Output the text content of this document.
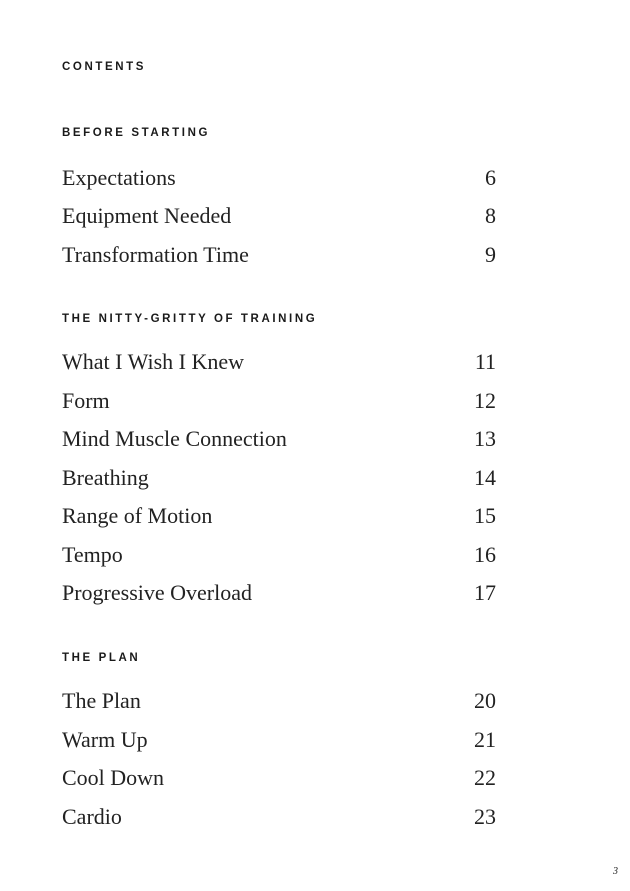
CONTENTS
BEFORE STARTING
Expectations	6
Equipment Needed	8
Transformation Time	9
THE NITTY-GRITTY OF TRAINING
What I Wish I Knew	11
Form	12
Mind Muscle Connection	13
Breathing	14
Range of Motion	15
Tempo	16
Progressive Overload	17
THE PLAN
The Plan	20
Warm Up	21
Cool Down	22
Cardio	23
3
